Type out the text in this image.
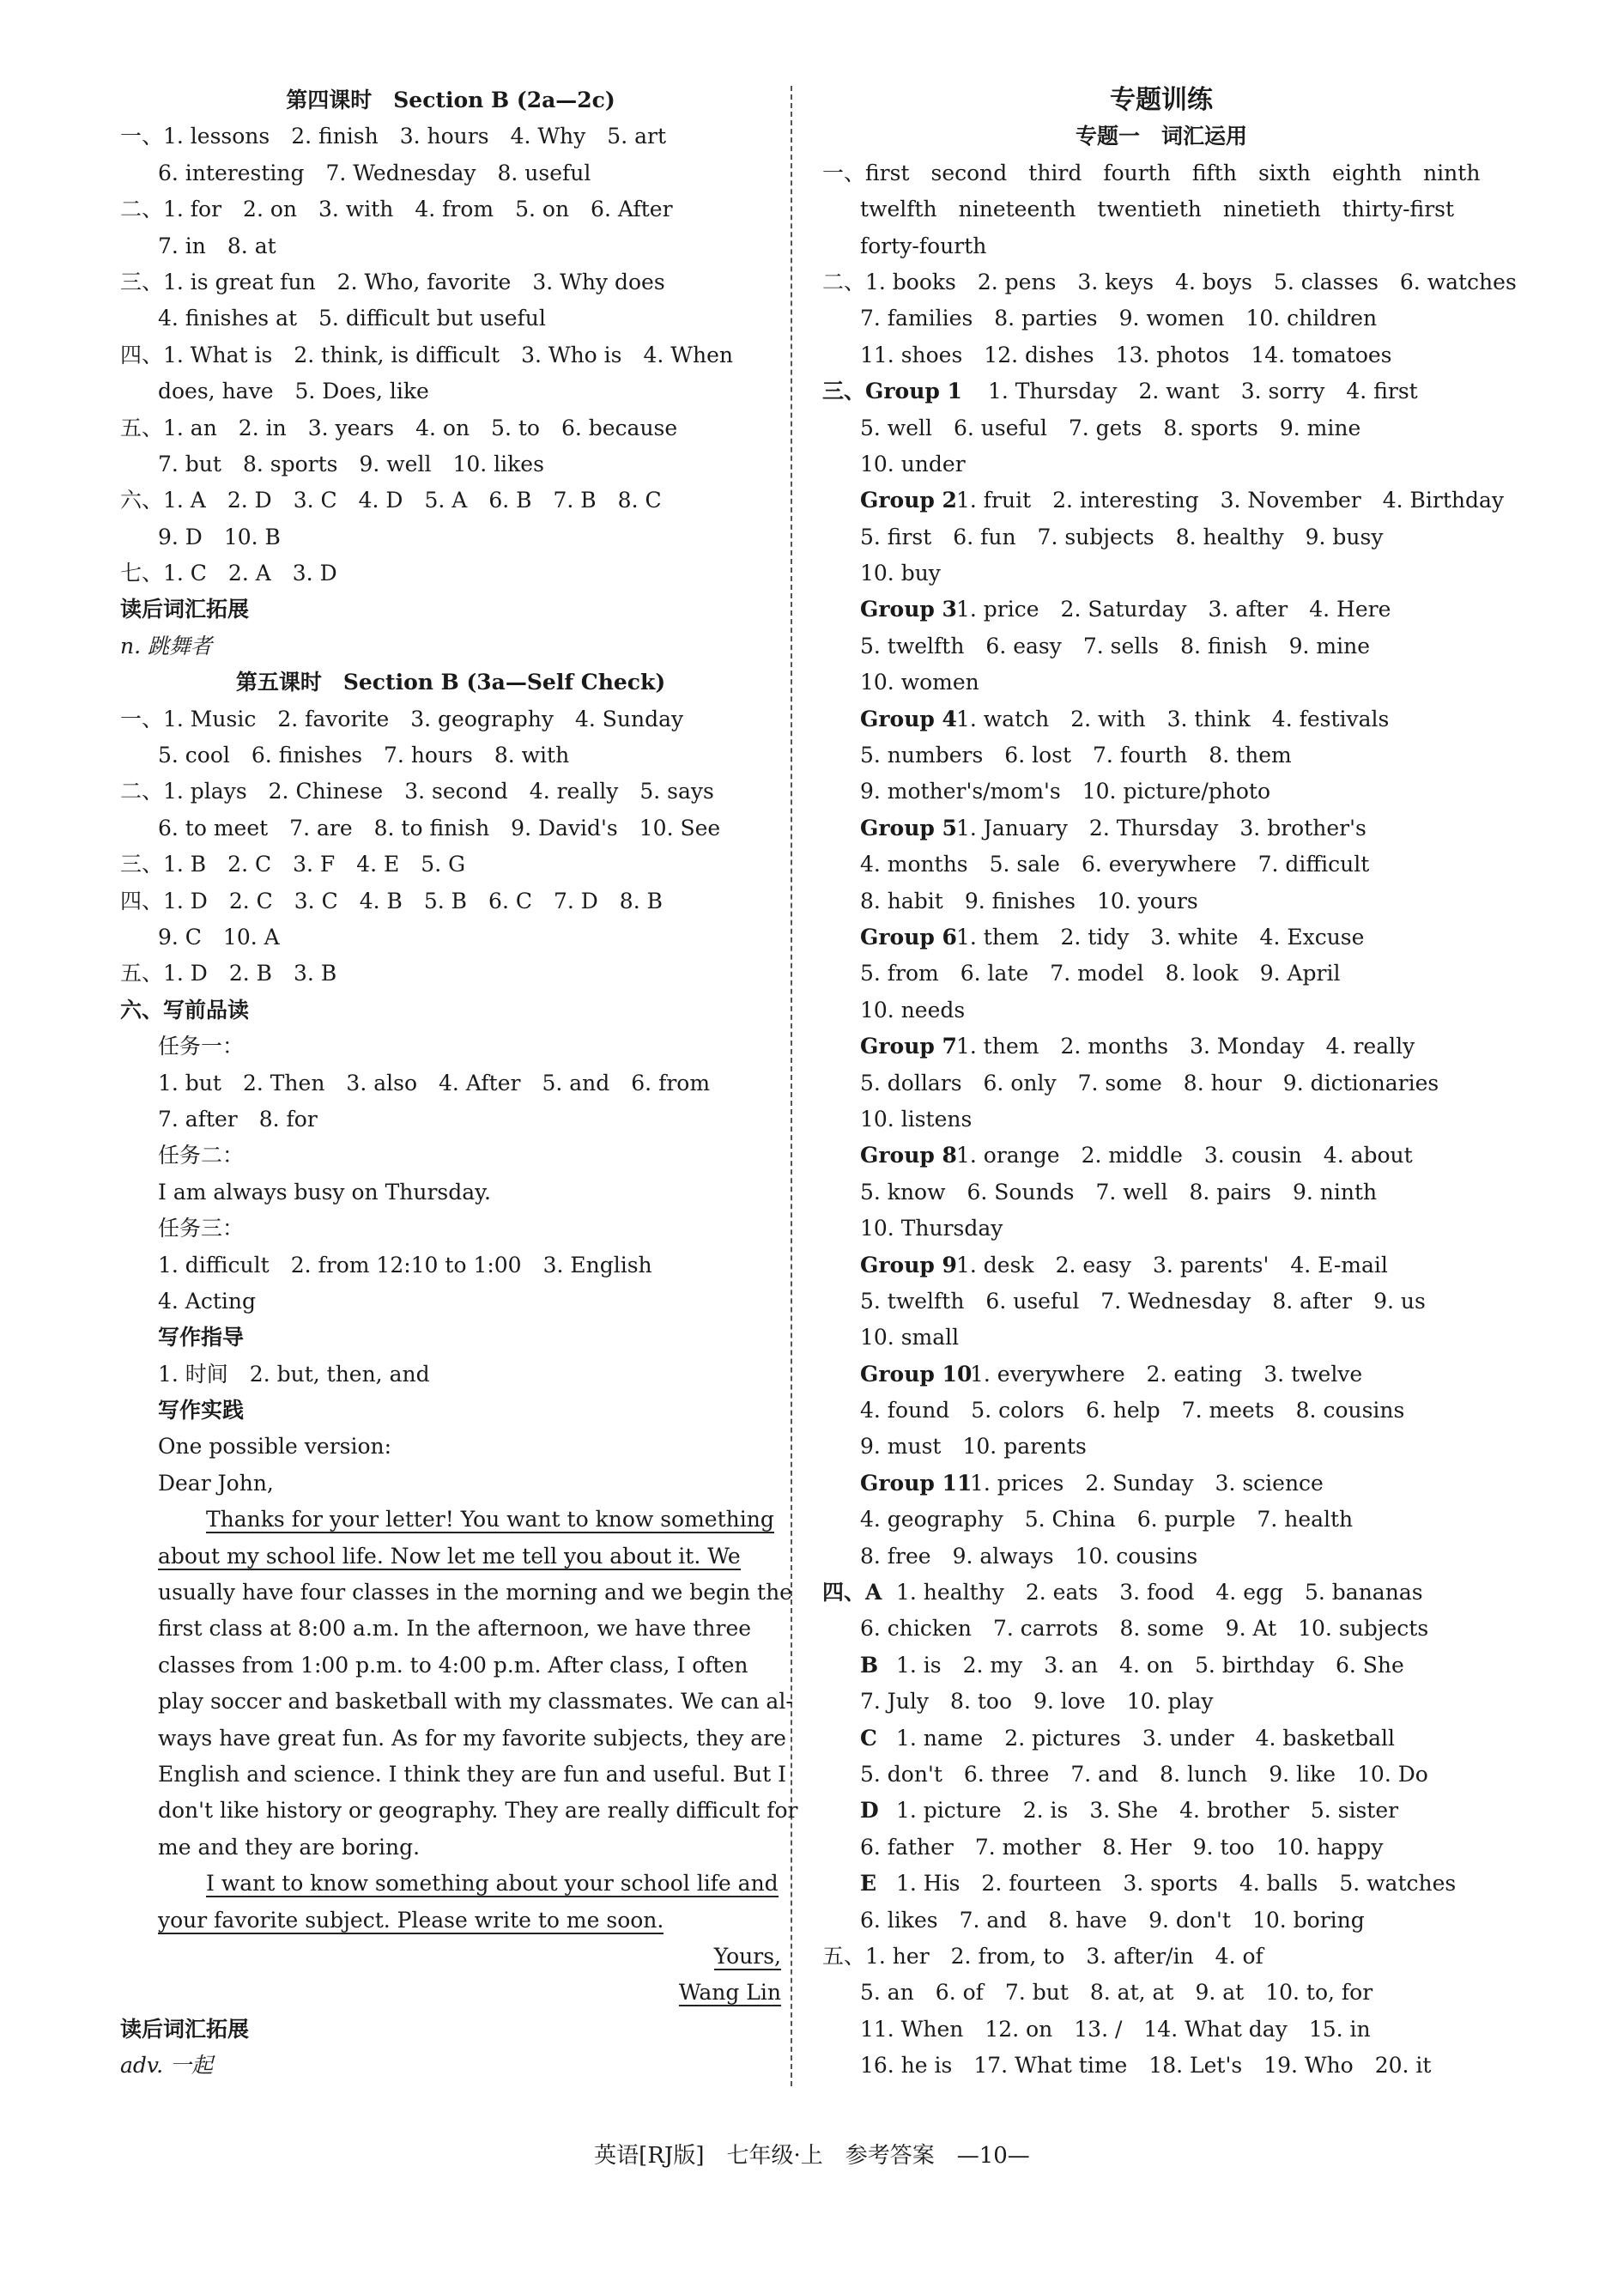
第四课时　Section B (2a—2c)
一、1. lessons　2. finish　3. hours　4. Why　5. art
6. interesting　7. Wednesday　8. useful
二、1. for　2. on　3. with　4. from　5. on　6. After
7. in　8. at
三、1. is great fun　2. Who, favorite　3. Why does
4. finishes at　5. difficult but useful
四、1. What is　2. think, is difficult　3. Who is　4. When
does, have　5. Does, like
五、1. an　2. in　3. years　4. on　5. to　6. because
7. but　8. sports　9. well　10. likes
六、1. A　2. D　3. C　4. D　5. A　6. B　7. B　8. C
9. D　10. B
七、1. C　2. A　3. D
读后词汇拓展
n. 跳舞者
第五课时　Section B (3a—Self Check)
一、1. Music　2. favorite　3. geography　4. Sunday
5. cool　6. finishes　7. hours　8. with
二、1. plays　2. Chinese　3. second　4. really　5. says
6. to meet　7. are　8. to finish　9. David's　10. See
三、1. B　2. C　3. F　4. E　5. G
四、1. D　2. C　3. C　4. B　5. B　6. C　7. D　8. B
9. C　10. A
五、1. D　2. B　3. B
六、写前品读
任务一：
1. but　2. Then　3. also　4. After　5. and　6. from
7. after　8. for
任务二：
I am always busy on Thursday.
任务三：
1. difficult　2. from 12:10 to 1:00　3. English
4. Acting
写作指导
1. 时间　2. but, then, and
写作实践
One possible version:
Dear John,
Thanks for your letter! You want to know something
about my school life. Now let me tell you about it. We
usually have four classes in the morning and we begin the
first class at 8:00 a.m. In the afternoon, we have three
classes from 1:00 p.m. to 4:00 p.m. After class, I often
play soccer and basketball with my classmates. We can al-
ways have great fun. As for my favorite subjects, they are
English and science. I think they are fun and useful. But I
don't like history or geography. They are really difficult for
me and they are boring.
I want to know something about your school life and
your favorite subject. Please write to me soon.
Yours,
Wang Lin
读后词汇拓展
adv. 一起
专题训练
专题一　词汇运用
一、first　second　third　fourth　fifth　sixth　eighth　ninth
twelfth　nineteenth　twentieth　ninetieth　thirty-first
forty-fourth
二、1. books　2. pens　3. keys　4. boys　5. classes　6. watches
7. families　8. parties　9. women　10. children
11. shoes　12. dishes　13. photos　14. tomatoes
三、Group 1 1. Thursday　2. want　3. sorry　4. first
5. well　6. useful　7. gets　8. sports　9. mine
10. under
Group 21. fruit　2. interesting　3. November　4. Birthday
5. first　6. fun　7. subjects　8. healthy　9. busy
10. buy
Group 31. price　2. Saturday　3. after　4. Here
5. twelfth　6. easy　7. sells　8. finish　9. mine
10. women
Group 41. watch　2. with　3. think　4. festivals
5. numbers　6. lost　7. fourth　8. them
9. mother's/mom's　10. picture/photo
Group 51. January　2. Thursday　3. brother's
4. months　5. sale　6. everywhere　7. difficult
8. habit　9. finishes　10. yours
Group 61. them　2. tidy　3. white　4. Excuse
5. from　6. late　7. model　8. look　9. April
10. needs
Group 71. them　2. months　3. Monday　4. really
5. dollars　6. only　7. some　8. hour　9. dictionaries
10. listens
Group 81. orange　2. middle　3. cousin　4. about
5. know　6. Sounds　7. well　8. pairs　9. ninth
10. Thursday
Group 91. desk　2. easy　3. parents'　4. E-mail
5. twelfth　6. useful　7. Wednesday　8. after　9. us
10. small
Group 101. everywhere　2. eating　3. twelve
4. found　5. colors　6. help　7. meets　8. cousins
9. must　10. parents
Group 111. prices　2. Sunday　3. science
4. geography　5. China　6. purple　7. health
8. free　9. always　10. cousins
四、A 1. healthy　2. eats　3. food　4. egg　5. bananas
6. chicken　7. carrots　8. some　9. At　10. subjects
B 1. is　2. my　3. an　4. on　5. birthday　6. She
7. July　8. too　9. love　10. play
C 1. name　2. pictures　3. under　4. basketball
5. don't　6. three　7. and　8. lunch　9. like　10. Do
D 1. picture　2. is　3. She　4. brother　5. sister
6. father　7. mother　8. Her　9. too　10. happy
E 1. His　2. fourteen　3. sports　4. balls　5. watches
6. likes　7. and　8. have　9. don't　10. boring
五、1. her　2. from, to　3. after/in　4. of
5. an　6. of　7. but　8. at, at　9. at　10. to, for
11. When　12. on　13. /　14. What day　15. in
16. he is　17. What time　18. Let's　19. Who　20. it
英语[RJ版]　七年级·上　参考答案　—10—
